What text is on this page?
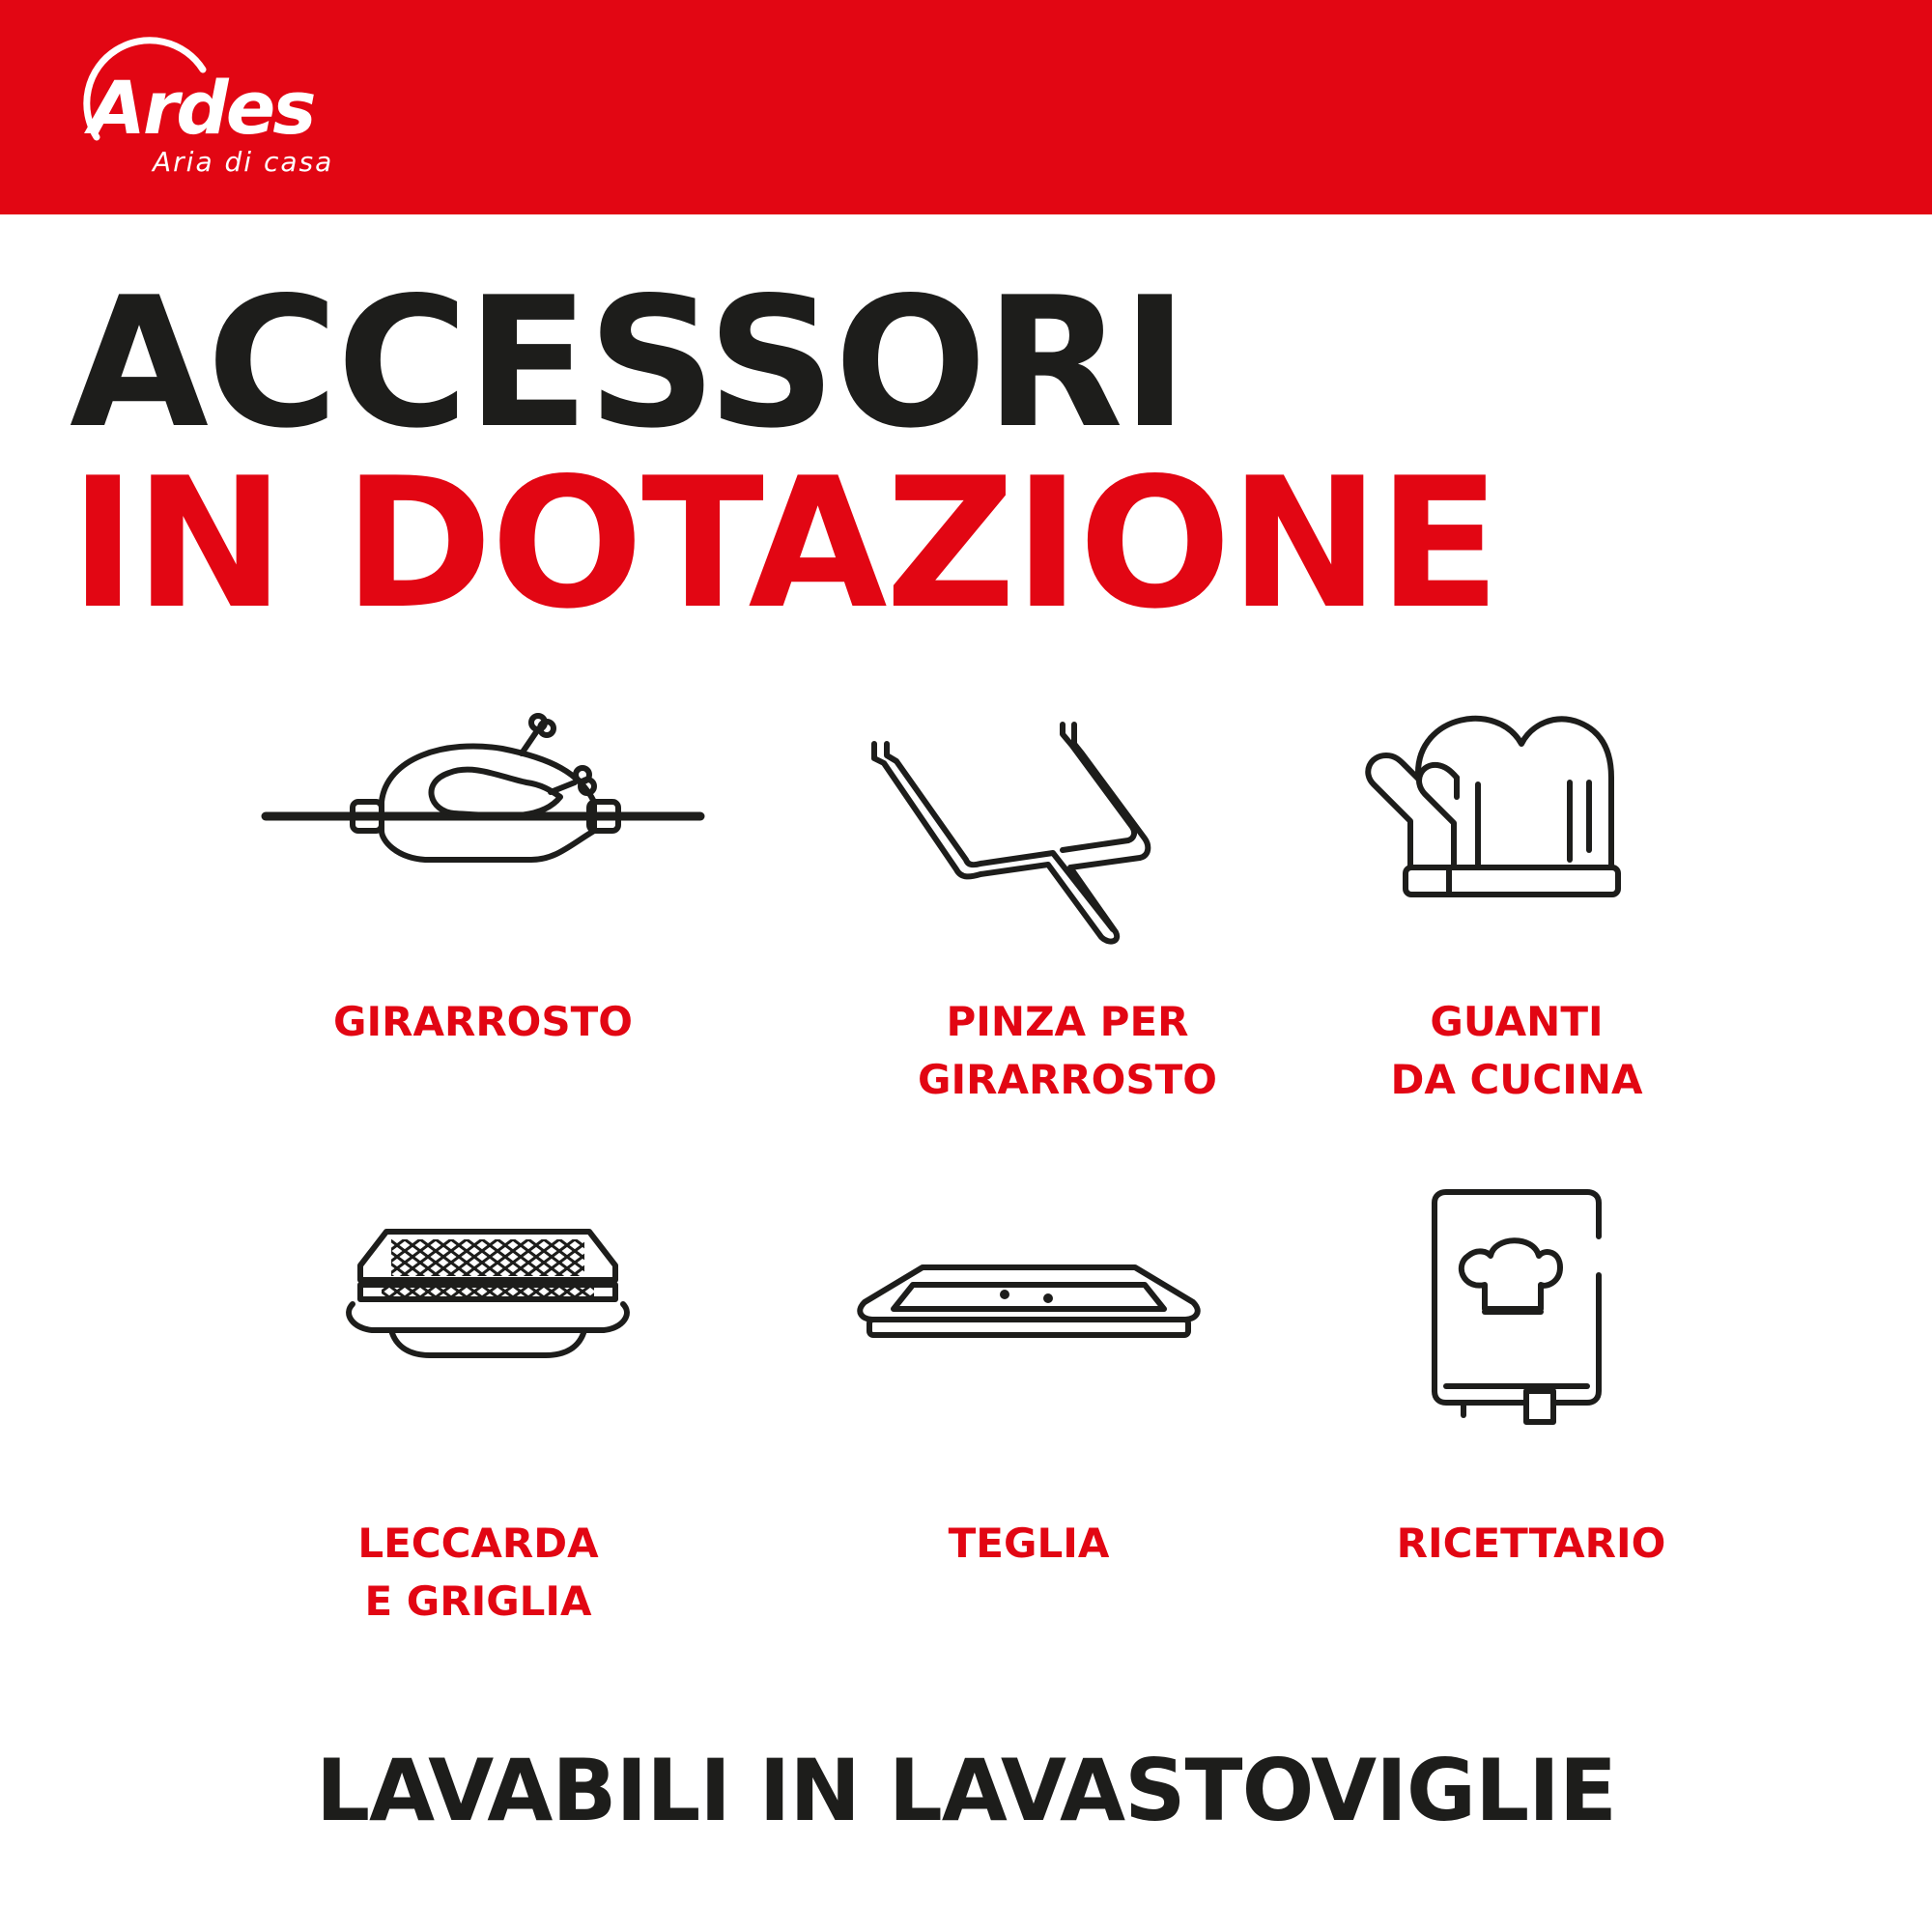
Ardes
Aria di casa
ACCESSORI
IN DOTAZIONE
GIRARROSTO	PINZA PER
GIRARROSTO
GUANTI
DA CUCINA
LECCARDA
E GRIGLIA
TEGLIA	RICETTARIO
LAVABILI IN LAVASTOVIGLIE
